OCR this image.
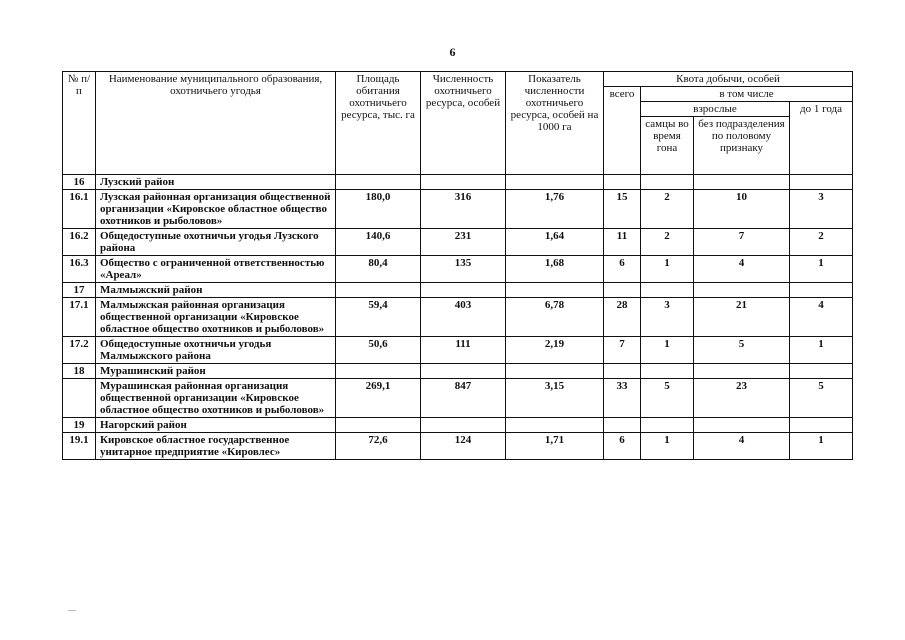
6
№ п/п	Наименование муниципального образования, охотничьего угодья	Площадь обитания охотничьего ресурса, тыс. га	Численность охотничьего ресурса, особей	Показатель численности охотничьего ресурса, особей на 1000 га	Квота добычи, особей			
					всего	в том числе		
						взрослые		до 1 года
						самцы во время гона	без подразделения по половому признаку	
16	Лузский район							
16.1	Лузская районная организация общественной организации «Кировское областное общество охотников и рыболовов»	180,0	316	1,76	15	2	10	3
16.2	Общедоступные охотничьи угодья Лузского района	140,6	231	1,64	11	2	7	2
16.3	Общество с ограниченной ответственностью «Ареал»	80,4	135	1,68	6	1	4	1
17	Малмыжский район							
17.1	Малмыжская районная организация общественной организации «Кировское областное общество охотников и рыболовов»	59,4	403	6,78	28	3	21	4
17.2	Общедоступные охотничьи угодья Малмыжского района	50,6	111	2,19	7	1	5	1
18	Мурашинский район							
	Мурашинская районная организация общественной организации «Кировское областное общество охотников и рыболовов»	269,1	847	3,15	33	5	23	5
19	Нагорский район							
19.1	Кировское областное государственное унитарное предприятие «Кировлес»	72,6	124	1,71	6	1	4	1
